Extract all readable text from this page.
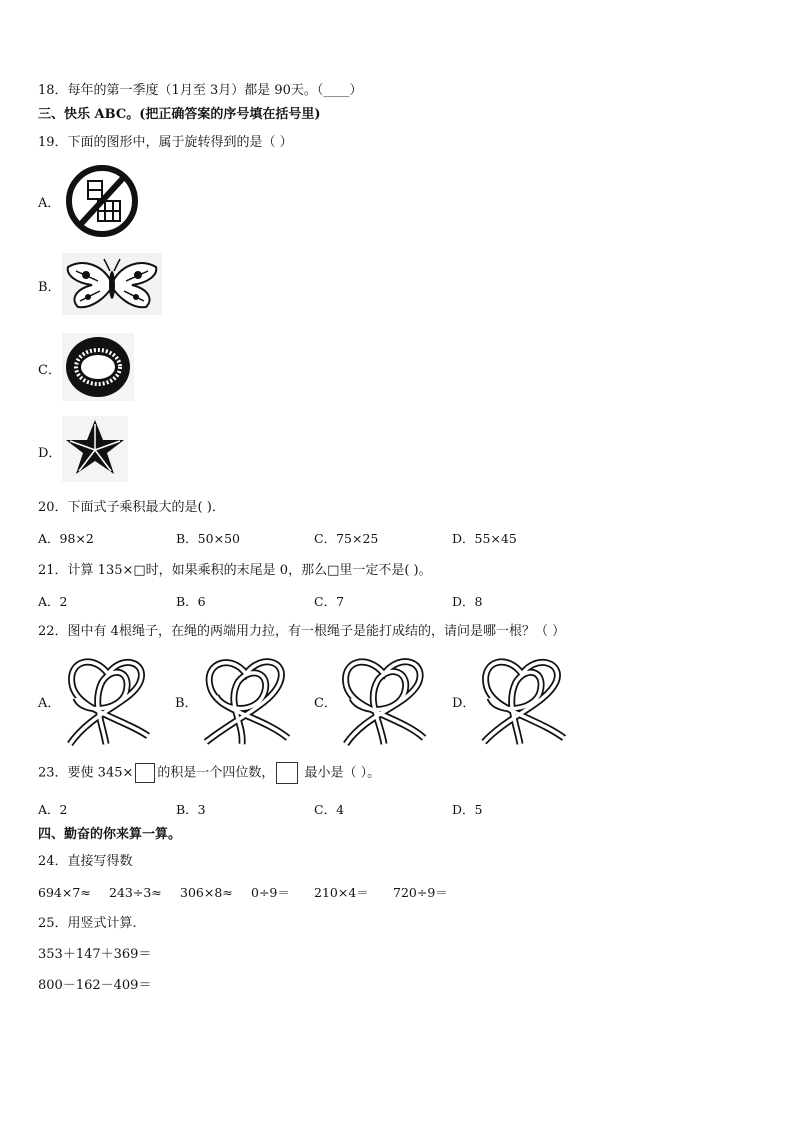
18．每年的第一季度（1月至 3月）都是 90天。（____）
三、快乐 ABC。(把正确答案的序号填在括号里)
19．下面的图形中，属于旋转得到的是（ ）
A．
B．
C．
D．
20．下面式子乘积最大的是( )．
A．98×2	B．50×50	C．75×25	D．55×45
21．计算 135×□时，如果乘积的末尾是 0，那么□里一定不是( )。
A．2	B．6	C．7	D．8
22．图中有 4根绳子，在绳的两端用力拉，有一根绳子是能打成结的，请问是哪一根？（ ）
A．	B．	C．	D．
23．要使 345× 的积是一个四位数， 最小是（ ）。
A．2	B．3	C．4	D．5
四、勤奋的你来算一算。
24．直接写得数
694×7≈ 243÷3≈ 306×8≈ 0÷9＝ 210×4＝ 720÷9＝
25．用竖式计算.
353＋147＋369＝
800－162－409＝
